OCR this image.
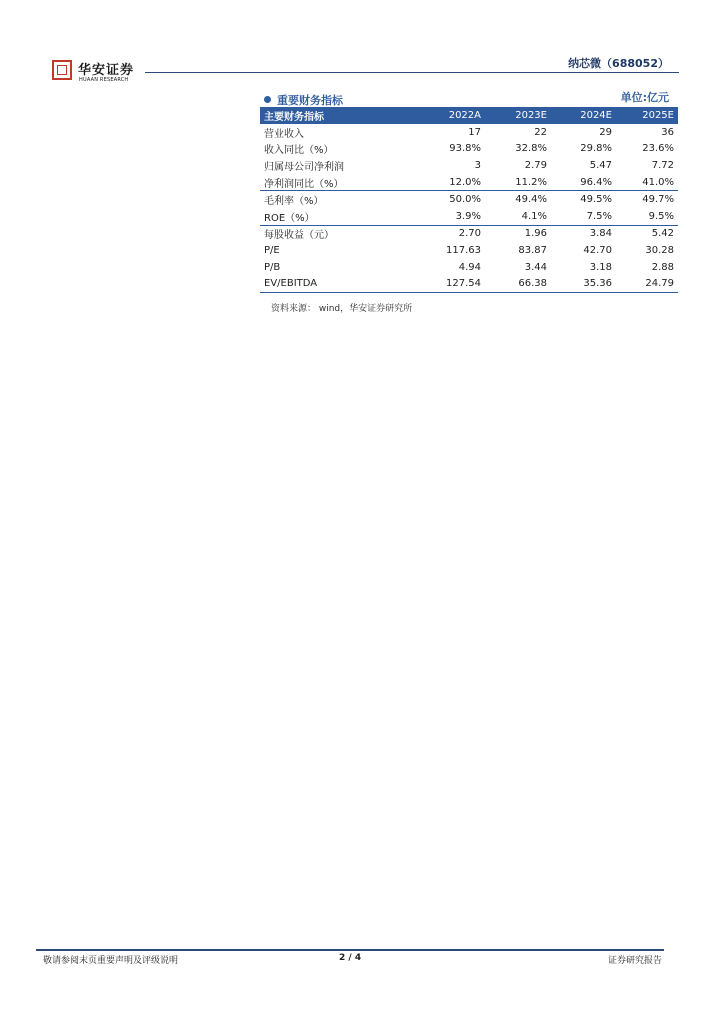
华安证券
HUAAN RESEARCH
纳芯微（688052）
重要财务指标	单位:亿元
主要财务指标	2022A	2023E	2024E	2025E
营业收入	17	22	29	36
收入同比（%）	93.8%	32.8%	29.8%	23.6%
归属母公司净利润	3	2.79	5.47	7.72
净利润同比（%）	12.0%	11.2%	96.4%	41.0%
毛利率（%）	50.0%	49.4%	49.5%	49.7%
ROE（%）	3.9%	4.1%	7.5%	9.5%
每股收益（元）	2.70	1.96	3.84	5.42
P/E	117.63	83.87	42.70	30.28
P/B	4.94	3.44	3.18	2.88
EV/EBITDA	127.54	66.38	35.36	24.79
资料来源： wind，华安证券研究所
敬请参阅末页重要声明及评级说明	2 / 4	证券研究报告
